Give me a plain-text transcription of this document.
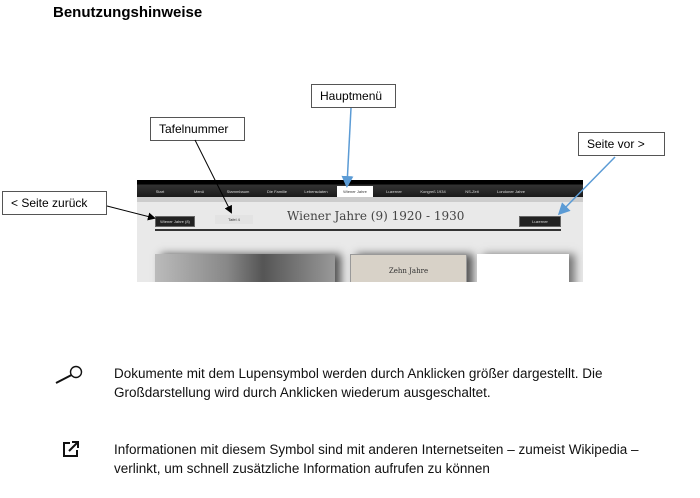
Benutzungshinweise
Start	Menü	Stammbaum	Die Familie	Lebensdaten	Wiener Jahre	Luzerner	Kongreß 1934	NS-Zeit	Londoner Jahre
Wiener Jahre (8)	Tafel 4	Wiener Jahre (9) 1920 - 1930	Luzerner
Zehn Jahre
Hauptmenü
Tafelnummer
Seite vor >
< Seite zurück
Dokumente mit dem Lupensymbol werden durch Anklicken größer dargestellt. Die Großdarstellung wird durch Anklicken wiederum ausgeschaltet.
Informationen mit diesem Symbol sind mit anderen Internetseiten – zumeist Wikipedia – verlinkt, um schnell zusätzliche Information aufrufen zu können
